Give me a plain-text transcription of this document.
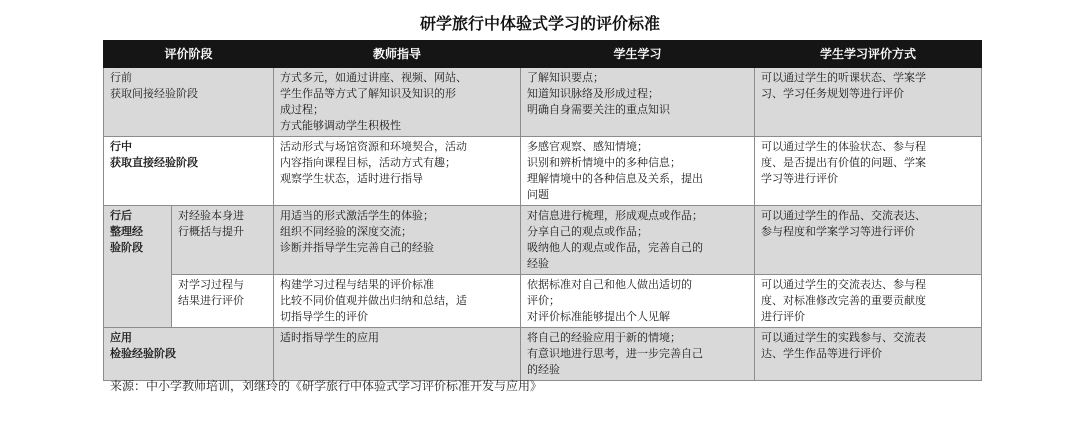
研学旅行中体验式学习的评价标准
评价阶段		教师指导	学生学习	学生学习评价方式

行前
获取间接经验阶段		方式多元，如通过讲座、视频、网站、
学生作品等方式了解知识及知识的形
成过程；
方式能够调动学生积极性	了解知识要点；
知道知识脉络及形成过程；
明确自身需要关注的重点知识	可以通过学生的听课状态、学案学
习、学习任务规划等进行评价

行中
获取直接经验阶段		活动形式与场馆资源和环境契合，活动
内容指向课程目标，活动方式有趣；
观察学生状态，适时进行指导	多感官观察、感知情境；
识别和辨析情境中的多种信息；
理解情境中的各种信息及关系，提出
问题	可以通过学生的体验状态、参与程
度、是否提出有价值的问题、学案
学习等进行评价

行后
整理经
验阶段	对经验本身进
行概括与提升	用适当的形式激活学生的体验；
组织不同经验的深度交流；
诊断并指导学生完善自己的经验	对信息进行梳理，形成观点或作品；
分享自己的观点或作品；
吸纳他人的观点或作品，完善自己的
经验	可以通过学生的作品、交流表达、
参与程度和学案学习等进行评价

	对学习过程与
结果进行评价	构建学习过程与结果的评价标准
比较不同价值观并做出归纳和总结，适
切指导学生的评价	依据标准对自己和他人做出适切的
评价；
对评价标准能够提出个人见解	可以通过学生的交流表达、参与程
度、对标准修改完善的重要贡献度
进行评价

应用
检验经验阶段		适时指导学生的应用	将自己的经验应用于新的情境；
有意识地进行思考，进一步完善自己
的经验	可以通过学生的实践参与、交流表
达、学生作品等进行评价
来源：中小学教师培训，刘继玲的《研学旅行中体验式学习评价标准开发与应用》
